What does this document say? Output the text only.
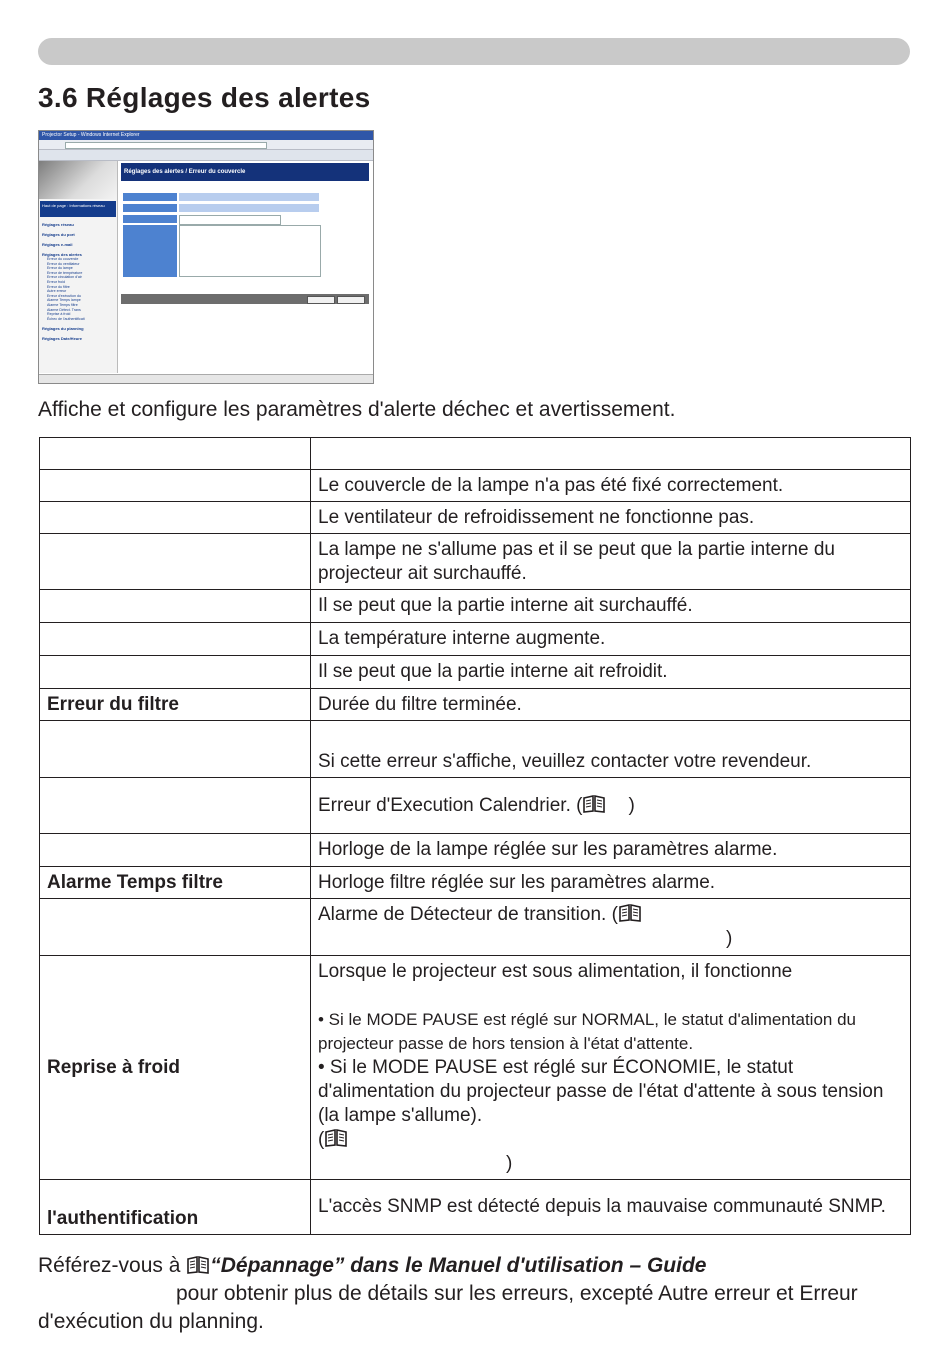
3.6 Réglages des alertes
Projector Setup - Windows Internet Explorer
Haut de page : Informations réseau
Réglages réseau
Réglages du port
Réglages e-mail
Réglages des alertes
Erreur du couvercle
Erreur du ventilateur
Erreur du lampe
Erreur de température
Erreur circulation d'air
Erreur froid
Erreur du filtre
Autre erreur
Erreur d'exécution du
Alarme Temps lampe
Alarme Temps filtre
Alarme Détect. Trans
Reprise à froid
Échec de l'authentificati
Réglages du planning
Réglages Date/Heure
Réglages des alertes / Erreur du couvercle

Affiche et configure les paramètres d'alerte déchec et avertissement.

	Le couvercle de la lampe n'a pas été fixé correctement.
	Le ventilateur de refroidissement ne fonctionne pas.
	La lampe ne s'allume pas et il se peut que la partie interne du projecteur ait surchauffé.
	Il se peut que la partie interne ait surchauffé.
	La température interne augmente.
	Il se peut que la partie interne ait refroidit.
Erreur du filtre	Durée du filtre terminée.
	Si cette erreur s'affiche, veuillez contacter votre revendeur.
	Erreur d'Execution Calendrier. ( )
	Horloge de la lampe réglée sur les paramètres alarme.
Alarme Temps filtre	Horloge filtre réglée sur les paramètres alarme.

	Alarme de Détecteur de transition. (
)

Reprise à froid	Lorsque le projecteur est sous alimentation, il fonctionne
• Si le MODE PAUSE est réglé sur NORMAL, le statut d'alimentation du projecteur passe de hors tension à l'état d'attente.
• Si le MODE PAUSE est réglé sur ÉCONOMIE, le statut d'alimentation du projecteur passe de l'état d'attente à sous tension (la lampe s'allume).
(
)

l'authentification	L'accès SNMP est détecté depuis la mauvaise communauté SNMP.

Référez-vous à “Dépannage” dans le Manuel d'utilisation – Guide
pour obtenir plus de détails sur les erreurs, excepté Autre erreur et Erreur d'exécution du planning.
